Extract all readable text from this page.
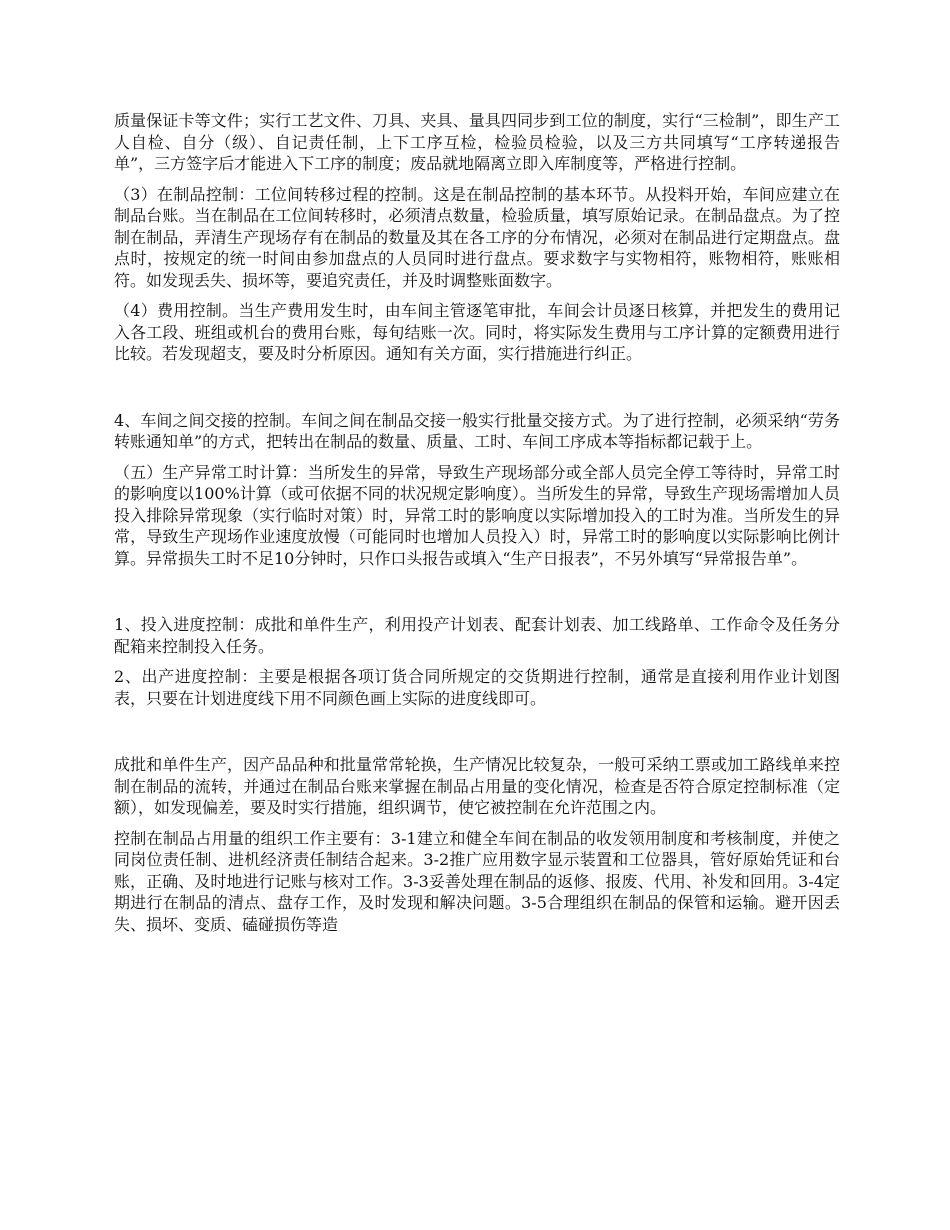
质量保证卡等文件；实行工艺文件、刀具、夹具、量具四同步到工位的制度，实行“三检制”，即生产工人自检、自分（级）、自记责任制，上下工序互检，检验员检验，以及三方共同填写“工序转递报告单”，三方签字后才能进入下工序的制度；废品就地隔离立即入库制度等，严格进行控制。

（3）在制品控制：工位间转移过程的控制。这是在制品控制的基本环节。从投料开始，车间应建立在制品台账。当在制品在工位间转移时，必须清点数量，检验质量，填写原始记录。在制品盘点。为了控制在制品，弄清生产现场存有在制品的数量及其在各工序的分布情况，必须对在制品进行定期盘点。盘点时，按规定的统一时间由参加盘点的人员同时进行盘点。要求数字与实物相符，账物相符，账账相符。如发现丢失、损坏等，要追究责任，并及时调整账面数字。

（4）费用控制。当生产费用发生时，由车间主管逐笔审批，车间会计员逐日核算，并把发生的费用记入各工段、班组或机台的费用台账，每旬结账一次。同时，将实际发生费用与工序计算的定额费用进行比较。若发现超支，要及时分析原因。通知有关方面，实行措施进行纠正。

4、车间之间交接的控制。车间之间在制品交接一般实行批量交接方式。为了进行控制，必须采纳“劳务转账通知单”的方式，把转出在制品的数量、质量、工时、车间工序成本等指标都记载于上。

（五）生产异常工时计算：当所发生的异常，导致生产现场部分或全部人员完全停工等待时，异常工时的影响度以100%计算（或可依据不同的状况规定影响度）。当所发生的异常，导致生产现场需增加人员投入排除异常现象（实行临时对策）时，异常工时的影响度以实际增加投入的工时为准。当所发生的异常，导致生产现场作业速度放慢（可能同时也增加人员投入）时，异常工时的影响度以实际影响比例计算。异常损失工时不足10分钟时，只作口头报告或填入“生产日报表”，不另外填写“异常报告单”。

1、投入进度控制：成批和单件生产，利用投产计划表、配套计划表、加工线路单、工作命令及任务分配箱来控制投入任务。

2、出产进度控制：主要是根据各项订货合同所规定的交货期进行控制，通常是直接利用作业计划图表，只要在计划进度线下用不同颜色画上实际的进度线即可。

成批和单件生产，因产品品种和批量常常轮换，生产情况比较复杂，一般可采纳工票或加工路线单来控制在制品的流转，并通过在制品台账来掌握在制品占用量的变化情况，检查是否符合原定控制标准（定额），如发现偏差，要及时实行措施，组织调节，使它被控制在允许范围之内。

控制在制品占用量的组织工作主要有：3-1建立和健全车间在制品的收发领用制度和考核制度，并使之同岗位责任制、进机经济责任制结合起来。3-2推广应用数字显示装置和工位器具，管好原始凭证和台账，正确、及时地进行记账与核对工作。3-3妥善处理在制品的返修、报废、代用、补发和回用。3-4定期进行在制品的清点、盘存工作，及时发现和解决问题。3-5合理组织在制品的保管和运输。避开因丢失、损坏、变质、磕碰损伤等造
